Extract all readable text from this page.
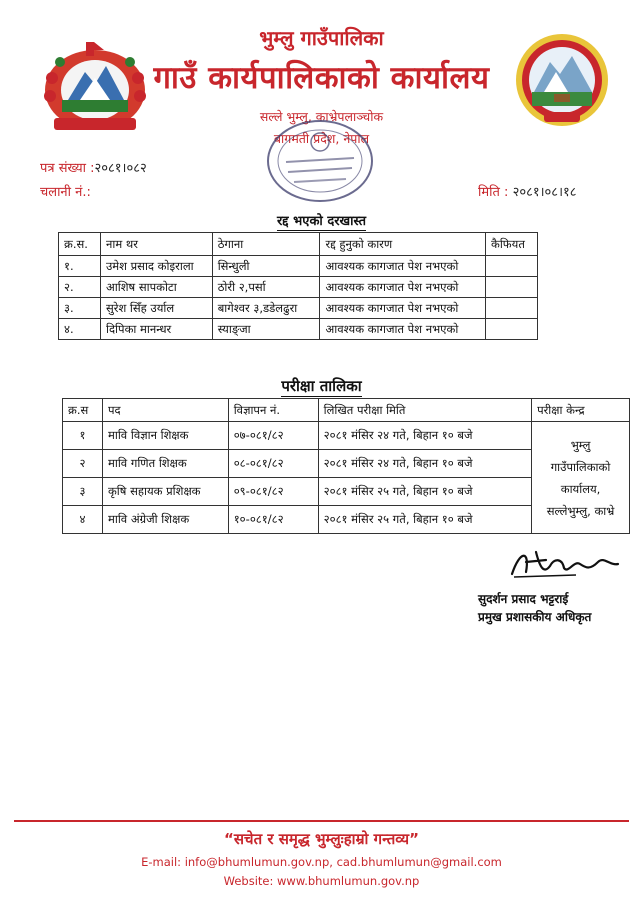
भुम्लु गाउँपालिका
गाउँ कार्यपालिकाको कार्यालय
सल्ले भुम्लु, काभ्रेपलाञ्चोक
बागमती प्रदेश, नेपाल
पत्र संख्या :२०८१।०८२
चलानी नं.:	मिति : २०८१।०८।१८
रद्द भएको दरखास्त
क्र.स.	नाम थर	ठेगाना	रद्द हुनुको कारण	कैफियत
१.	उमेश प्रसाद कोइराला	सिन्धुली	आवश्यक कागजात पेश नभएको	
२.	आशिष सापकोटा	ठोरी २,पर्सा	आवश्यक कागजात पेश नभएको	
३.	सुरेश सिँह उर्याल	बागेश्वर ३,डडेलढुरा	आवश्यक कागजात पेश नभएको	
४.	दिपिका मानन्धर	स्याङ्जा	आवश्यक कागजात पेश नभएको	
परीक्षा तालिका
क्र.स	पद	विज्ञापन नं.	लिखित परीक्षा मिति	परीक्षा केन्द्र
१	मावि विज्ञान शिक्षक	०७-०८१/८२	२०८१ मंसिर २४ गते, बिहान १० बजे	भुम्लु
गाउँपालिकाको
कार्यालय,
सल्लेभुम्लु, काभ्रे

२	मावि गणित शिक्षक	०८-०८१/८२	२०८१ मंसिर २४ गते, बिहान १० बजे	
३	कृषि सहायक प्रशिक्षक	०९-०८१/८२	२०८१ मंसिर २५ गते, बिहान १० बजे	
४	मावि अंग्रेजी शिक्षक	१०-०८१/८२	२०८१ मंसिर २५ गते, बिहान १० बजे	
सुदर्शन प्रसाद भट्टराई
प्रमुख प्रशासकीय अधिकृत
“सचेत र समृद्ध भुम्लुःहाम्रो गन्तव्य”
E-mail: info@bhumlumun.gov.np, cad.bhumlumun@gmail.com
Website: www.bhumlumun.gov.np
